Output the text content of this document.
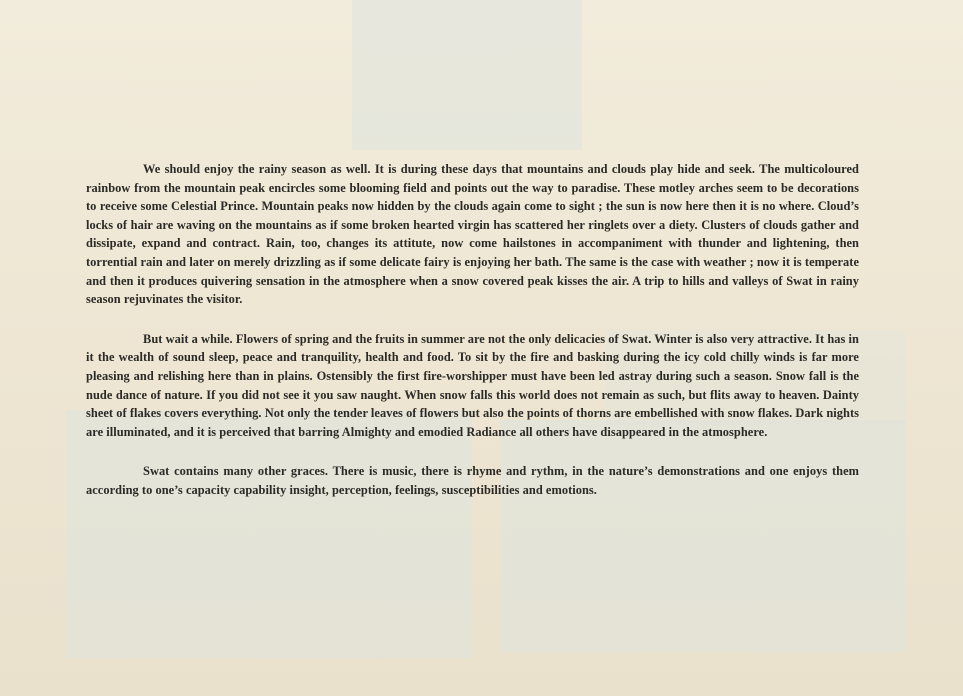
We should enjoy the rainy season as well. It is during these days that mountains and clouds play hide and seek. The multicoloured rainbow from the mountain peak encircles some blooming field and points out the way to paradise. These motley arches seem to be decorations to receive some Celestial Prince. Mountain peaks now hidden by the clouds again come to sight ; the sun is now here then it is no where. Cloud’s locks of hair are waving on the mountains as if some broken hearted virgin has scattered her ringlets over a diety. Clusters of clouds gather and dissipate, expand and contract. Rain, too, changes its attitute, now come hailstones in accompaniment with thunder and lightening, then torrential rain and later on merely drizzling as if some delicate fairy is enjoying her bath. The same is the case with weather ; now it is temperate and then it produces quivering sensation in the atmosphere when a snow covered peak kisses the air. A trip to hills and valleys of Swat in rainy season rejuvinates the visitor.

But wait a while. Flowers of spring and the fruits in summer are not the only delicacies of Swat. Winter is also very attractive. It has in it the wealth of sound sleep, peace and tranquility, health and food. To sit by the fire and basking during the icy cold chilly winds is far more pleasing and relishing here than in plains. Ostensibly the first fire-worshipper must have been led astray during such a season. Snow fall is the nude dance of nature. If you did not see it you saw naught. When snow falls this world does not remain as such, but flits away to heaven. Dainty sheet of flakes covers everything. Not only the tender leaves of flowers but also the points of thorns are embellished with snow flakes. Dark nights are illuminated, and it is perceived that barring Almighty and emodied Radiance all others have disappeared in the atmosphere.

Swat contains many other graces. There is music, there is rhyme and rythm, in the nature’s demonstrations and one enjoys them according to one’s capacity capability insight, perception, feelings, susceptibilities and emotions.
